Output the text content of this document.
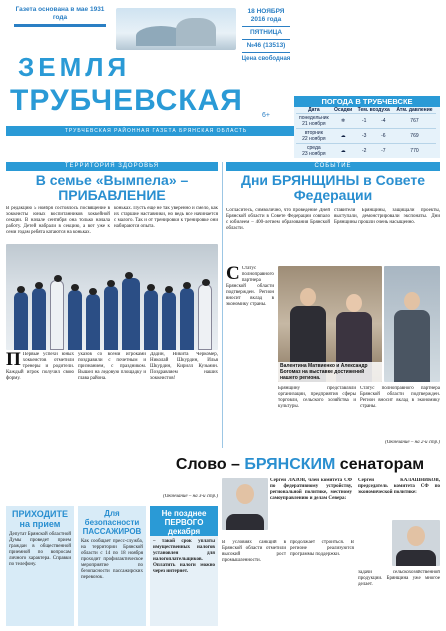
Газета основана в мае 1931 года
ЗЕМЛЯ
ТРУБЧЕВСКАЯ
ТРУБЧЕВСКАЯ РАЙОННАЯ ГАЗЕТА БРЯНСКАЯ ОБЛАСТЬ
18 НОЯБРЯ
2016 года
ПЯТНИЦА
№46 (13513)
Цена свободная
6+
ПОГОДА В ТРУБЧЕВСКЕ
Дата	Осадки	Тем. воздуха		Атм. давление
понедельник
21 ноября	❄	-1	-4	767
вторник
22 ноября	☁	-3	-6	769
среда
23 ноября	☁	-2	-7	770
ТЕРРИТОРИЯ ЗДОРОВЬЯ
В семье «Вымпела» – ПРИБАВЛЕНИЕ
В редакцию 5 ноября состоялось посвящение в хоккеисты юных воспитанников хоккейной секции. В начале сентября она только начала работу. Детей набрали в секцию, а вот уже к семи годам ребята катаются на коньках.
коньках. Пусть еще не так уверенно и смело, как их старшие наставники, но ведь все начинается с малого. Так и от тренировки к тренировке они набираются опыта.
П Первые успехи юных хоккеистов отметили тренеры и родители. Каждый игрок получил свою форму.
указов со всеми игроками поздравили с почетным и признанием, с праздником. Вышел на ледовую площадку и глава района.
Дадин, Никита Черкомер, Николай Шкурдин, Илья Шкурдин, Кирилл Кузьмин. Поздравляем наших хоккеистов!
(Окончание – на 3-й стр.)
СОБЫТИЕ
Дни БРЯНЩИНЫ в Совете Федерации
Согласитесь, символично, что проведение Дней Брянской области в Совете Федерации совпало с юбилеем – 400-летием образования Брянской области.
ставители Брянщины, защищали проекты, выступали, демонстрировали экспонаты. Дни Брянщины прошли очень насыщенно.
С Статус полноправного партнера Брянской области подтвержден. Регион вносит вклад в экономику страны.
Валентина Матвиенко и Александр Богомаз на выставке достижений нашего региона.
Брянщину представляли организации, предприятия сферы торговли, сельского хозяйства и культуры.
Статус полноправного партнера Брянской области подтвержден. Регион вносит вклад в экономику страны.
(Окончание – на 2-й стр.)
Слово – БРЯНСКИМ сенаторам
Сергей ЛАЗОВ, член комитета СФ по федеративному устройству, региональной политике, местному самоуправлению и делам Севера:
В условиях санкций в Брянской области отметили высокий рост промышленности.
продолжает строиться. В регионе реализуются программы поддержки.
Сергей КАЛАШНИКОВ, председатель комитета СФ по экономической политике:
задачи сельскохозяйственной продукции. Брянщина уже многое делает.
ПРИХОДИТЕ на прием
Депутат Брянской областной Думы проведет прием граждан в общественной приемной по вопросам личного характера. Справки по телефону.
Для безопасности ПАССАЖИРОВ
Как сообщает пресс-служба, на территории Брянской области с 14 по 18 ноября проходит профилактическое мероприятие по безопасности пассажирских перевозок.
Не позднее ПЕРВОГО декабря
– такой срок уплаты имущественных налогов установлен для налогоплательщиков. Оплатить налоги можно через интернет.
